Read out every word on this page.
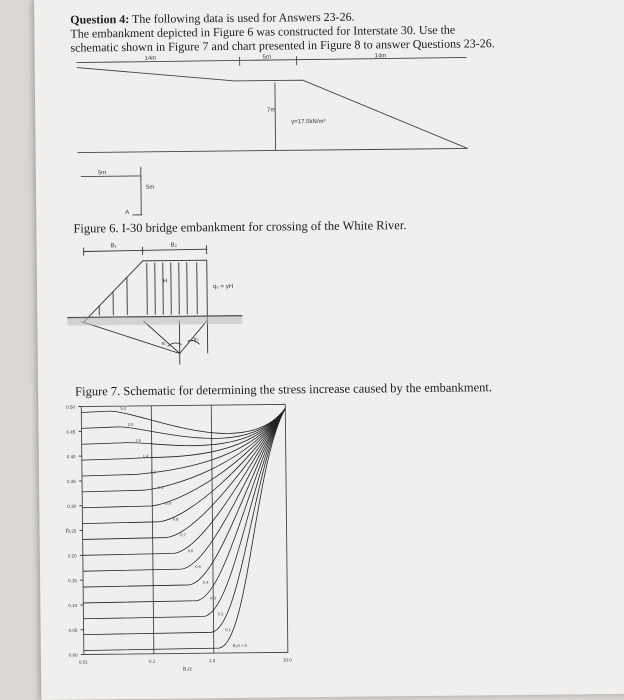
Question 4: The following data is used for Answers 23-26.
The embankment depicted in Figure 6 was constructed for Interstate 30. Use the
schematic shown in Figure 7 and chart presented in Figure 8 to answer Questions 23-26.
14m	5m	14m
7m
γ=17.5kN/m³
5m
5m
A
Figure 6. I-30 bridge embankment for crossing of the White River.
B₁	B₂
H
q₀ = γH
α₁
α₂
Figure 7. Schematic for determining the stress increase caused by the embankment.
0.50
0.45
0.40
0.35
0.30
0.25
0.20
0.15
0.10
0.05
0.00
0.01	0.1	1.0	10.0
3.0
2.0
1.6
1.4
1.2
1.0
0.9
0.8
0.7
0.6
0.5
0.4
0.3
0.2
0.1
B₂/z = 0
I'
B₁/z
